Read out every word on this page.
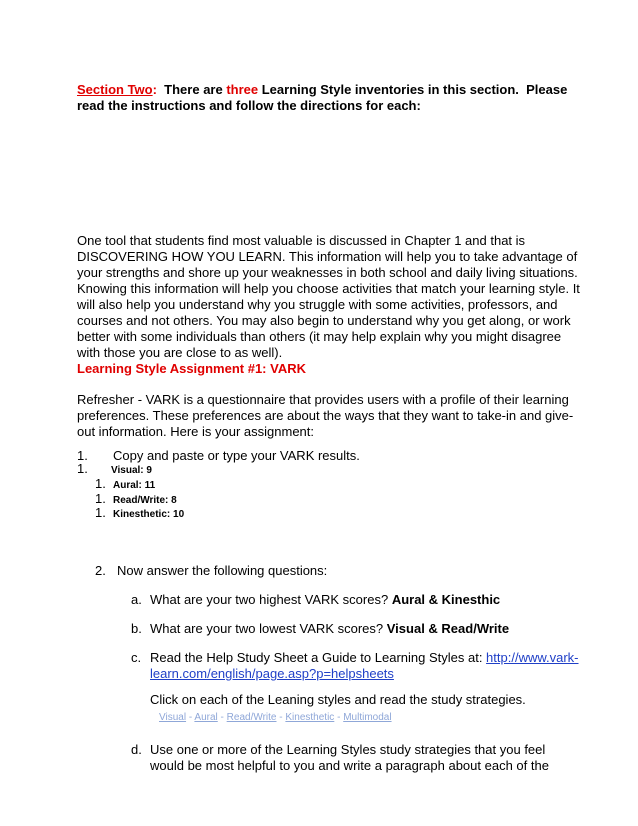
Section Two:  There are three Learning Style inventories in this section.  Please
read the instructions and follow the directions for each:
One tool that students find most valuable is discussed in Chapter 1 and that is
DISCOVERING HOW YOU LEARN. This information will help you to take advantage of
your strengths and shore up your weaknesses in both school and daily living situations.
Knowing this information will help you choose activities that match your learning style. It
will also help you understand why you struggle with some activities, professors, and
courses and not others. You may also begin to understand why you get along, or work
better with some individuals than others (it may help explain why you might disagree
with those you are close to as well).
Learning Style Assignment #1: VARK
Refresher - VARK is a questionnaire that provides users with a profile of their learning
preferences. These preferences are about the ways that they want to take-in and give-
out information. Here is your assignment:
1. Copy and paste or type your VARK results.
1. Visual: 9
1. Aural: 11
1. Read/Write: 8
1. Kinesthetic: 10
2. Now answer the following questions:
a. What are your two highest VARK scores? Aural & Kinesthic
b. What are your two lowest VARK scores? Visual & Read/Write
c. Read the Help Study Sheet a Guide to Learning Styles at: http://www.vark-
learn.com/english/page.asp?p=helpsheets
Click on each of the Leaning styles and read the study strategies.
Visual - Aural - Read/Write - Kinesthetic - Multimodal
d. Use one or more of the Learning Styles study strategies that you feel
would be most helpful to you and write a paragraph about each of the
